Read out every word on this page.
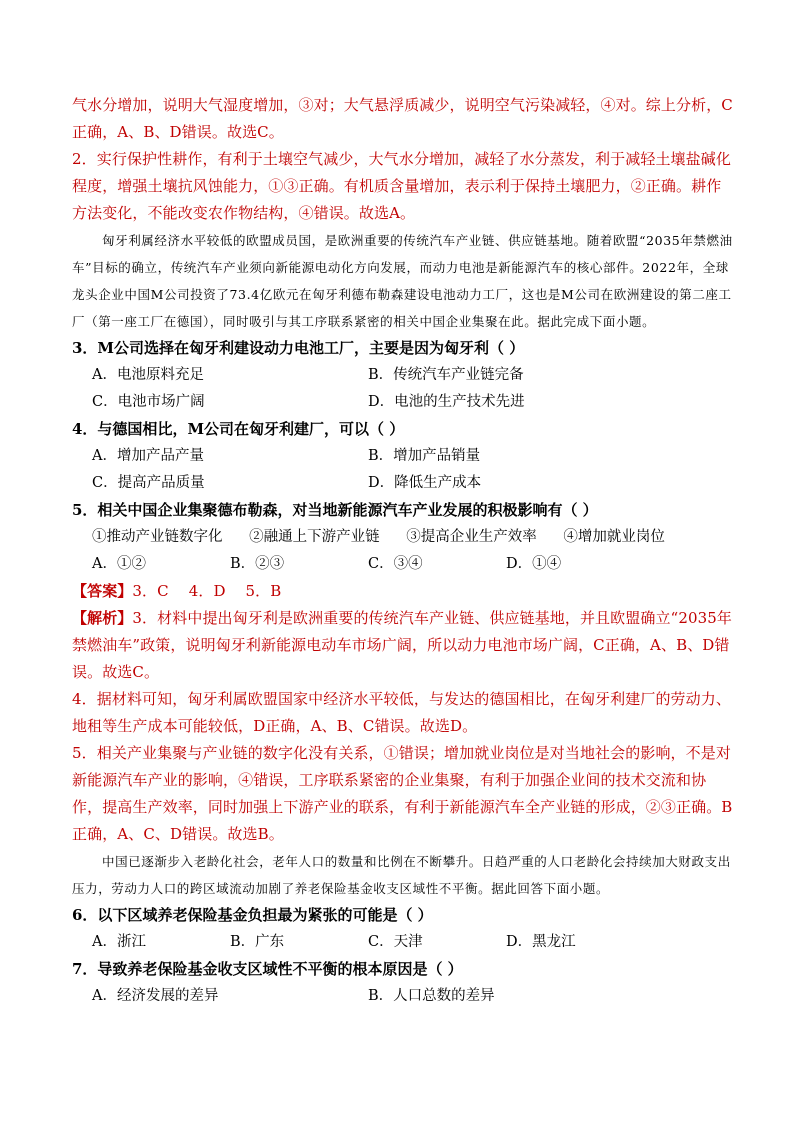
气水分增加，说明大气湿度增加，③对；大气悬浮质减少，说明空气污染减轻，④对。综上分析，C正确，A、B、D错误。故选C。

2．实行保护性耕作，有利于土壤空气减少，大气水分增加，减轻了水分蒸发，利于减轻土壤盐碱化程度，增强土壤抗风蚀能力，①③正确。有机质含量增加，表示利于保持土壤肥力，②正确。耕作方法变化，不能改变农作物结构，④错误。故选A。

匈牙利属经济水平较低的欧盟成员国，是欧洲重要的传统汽车产业链、供应链基地。随着欧盟“2035年禁燃油车”目标的确立，传统汽车产业须向新能源电动化方向发展，而动力电池是新能源汽车的核心部件。2022年，全球龙头企业中国M公司投资了73.4亿欧元在匈牙利德布勒森建设电池动力工厂，这也是M公司在欧洲建设的第二座工厂（第一座工厂在德国），同时吸引与其工序联系紧密的相关中国企业集聚在此。据此完成下面小题。

3．M公司选择在匈牙利建设动力电池工厂，主要是因为匈牙利（ ）

A．电池原料充足	B．传统汽车产业链完备
C．电池市场广阔	D．电池的生产技术先进

4．与德国相比，M公司在匈牙利建厂，可以（ ）

A．增加产品产量	B．增加产品销量
C．提高产品质量	D．降低生产成本

5．相关中国企业集聚德布勒森，对当地新能源汽车产业发展的积极影响有（ ）

①推动产业链数字化 ②融通上下游产业链 ③提高企业生产效率 ④增加就业岗位
A．①②	B．②③	C．③④	D．①④

【答案】3．C　 4．D　 5．B

【解析】3．材料中提出匈牙利是欧洲重要的传统汽车产业链、供应链基地，并且欧盟确立“2035年禁燃油车”政策，说明匈牙利新能源电动车市场广阔，所以动力电池市场广阔，C正确，A、B、D错误。故选C。

4．据材料可知，匈牙利属欧盟国家中经济水平较低，与发达的德国相比，在匈牙利建厂的劳动力、地租等生产成本可能较低，D正确，A、B、C错误。故选D。

5．相关产业集聚与产业链的数字化没有关系，①错误；增加就业岗位是对当地社会的影响，不是对新能源汽车产业的影响，④错误，工序联系紧密的企业集聚，有利于加强企业间的技术交流和协作，提高生产效率，同时加强上下游产业的联系，有利于新能源汽车全产业链的形成，②③正确。B正确，A、C、D错误。故选B。

中国已逐渐步入老龄化社会，老年人口的数量和比例在不断攀升。日趋严重的人口老龄化会持续加大财政支出压力，劳动力人口的跨区域流动加剧了养老保险基金收支区域性不平衡。据此回答下面小题。

6．以下区域养老保险基金负担最为紧张的可能是（ ）

A．浙江	B．广东	C．天津	D．黑龙江

7．导致养老保险基金收支区域性不平衡的根本原因是（ ）

A．经济发展的差异	B．人口总数的差异
